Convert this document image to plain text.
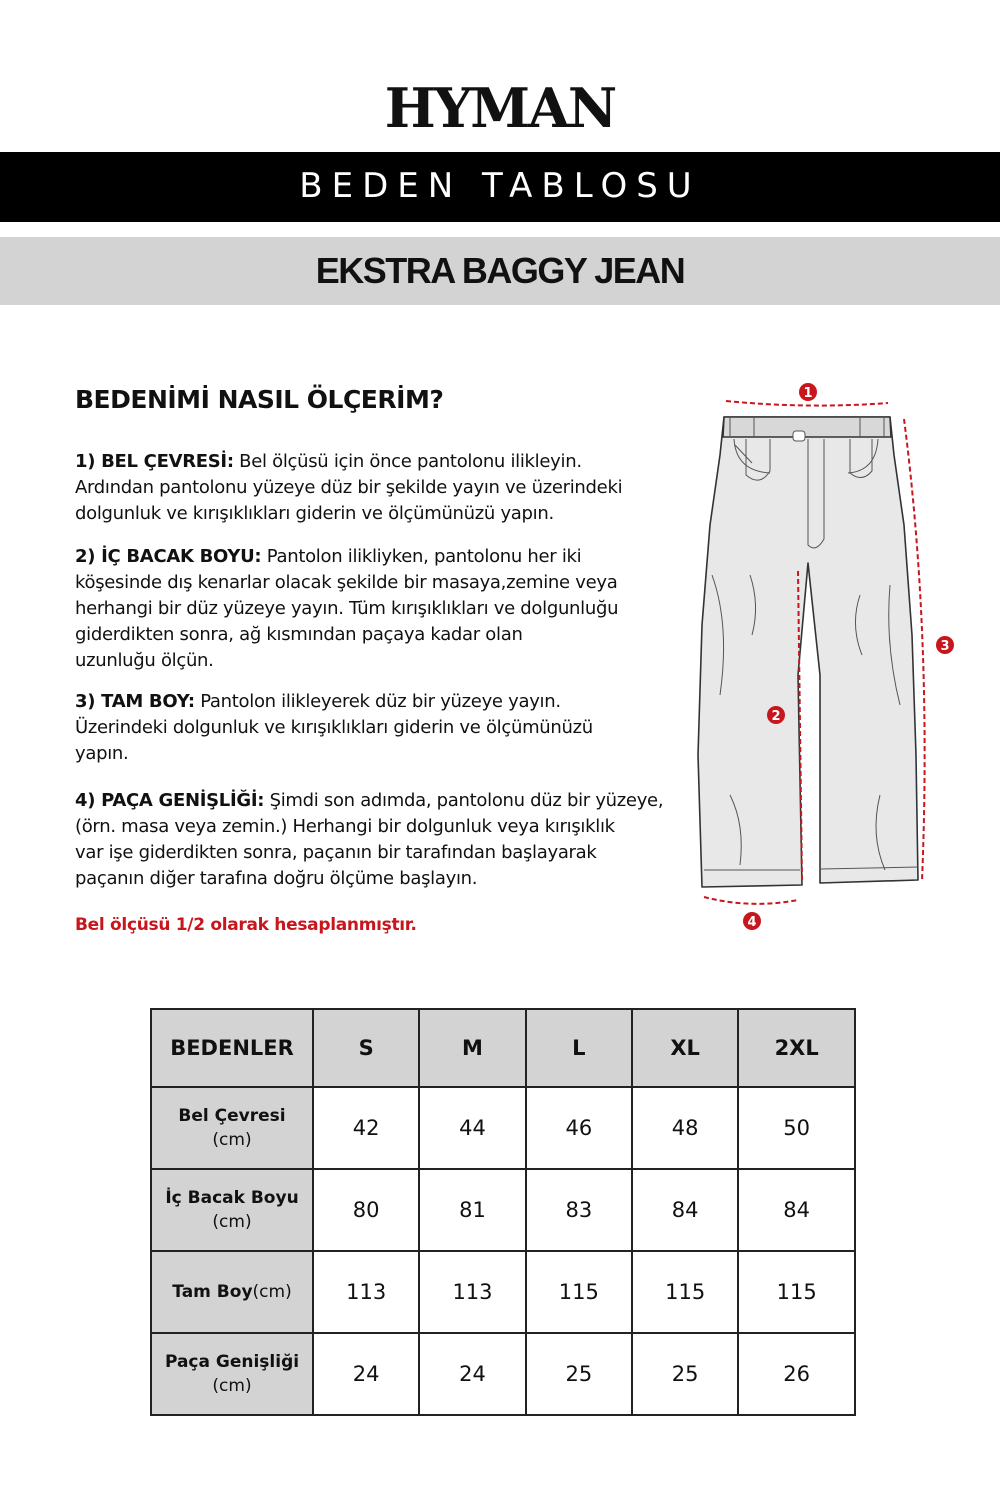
HYMAN
BEDEN TABLOSU
EKSTRA BAGGY JEAN
BEDENİMİ NASIL ÖLÇERİM?
1) BEL ÇEVRESİ: Bel ölçüsü için önce pantolonu ilikleyin.
Ardından pantolonu yüzeye düz bir şekilde yayın ve üzerindeki
dolgunluk ve kırışıklıkları giderin ve ölçümünüzü yapın.
2) İÇ BACAK BOYU: Pantolon ilikliyken, pantolonu her iki
köşesinde dış kenarlar olacak şekilde bir masaya,zemine veya
herhangi bir düz yüzeye yayın. Tüm kırışıklıkları ve dolgunluğu
giderdikten sonra, ağ kısmından paçaya kadar olan
uzunluğu ölçün.
3) TAM BOY: Pantolon ilikleyerek düz bir yüzeye yayın.
Üzerindeki dolgunluk ve kırışıklıkları giderin ve ölçümünüzü
yapın.
4) PAÇA GENİŞLİĞİ: Şimdi son adımda, pantolonu düz bir yüzeye,
(örn. masa veya zemin.) Herhangi bir dolgunluk veya kırışıklık
var işe giderdikten sonra, paçanın bir tarafından başlayarak
paçanın diğer tarafına doğru ölçüme başlayın.
Bel ölçüsü 1/2 olarak hesaplanmıştır.
1
2
3
4
BEDENLER	S	M	L	XL	2XL
Bel Çevresi
(cm)	42	44	46	48	50
İç Bacak Boyu
(cm)	80	81	83	84	84
Tam Boy(cm)	113	113	115	115	115
Paça Genişliği
(cm)	24	24	25	25	26
